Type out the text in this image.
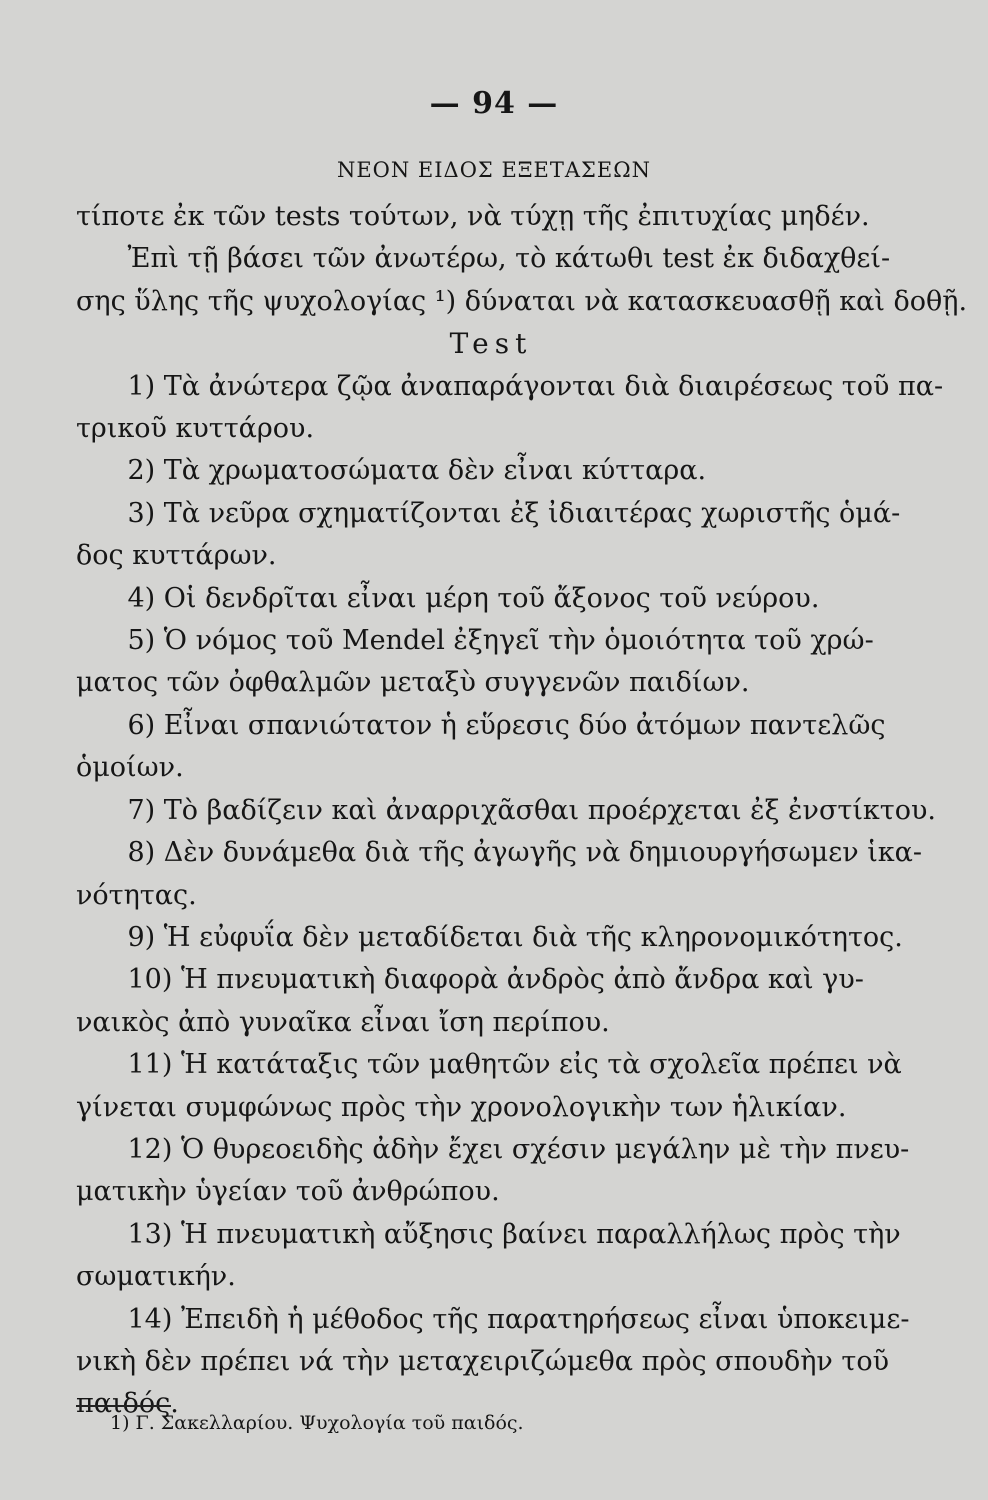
— 94 —
ΝΕΟΝ ΕΙΔΟΣ ΕΞΕΤΑΣΕΩΝ
τίποτε ἐκ τῶν tests τούτων, νὰ τύχῃ τῆς ἐπιτυχίας μηδέν.
Ἐπὶ τῇ βάσει τῶν ἀνωτέρω, τὸ κάτωθι test ἐκ διδαχθεί-
σης ὕλης τῆς ψυχολογίας ¹) δύναται νὰ κατασκευασθῇ καὶ δοθῇ.
Test
1) Τὰ ἀνώτερα ζῷα ἀναπαράγονται διὰ διαιρέσεως τοῦ πα-
τρικοῦ κυττάρου.
2) Τὰ χρωματοσώματα δὲν εἶναι κύτταρα.
3) Τὰ νεῦρα σχηματίζονται ἐξ ἰδιαιτέρας χωριστῆς ὁμά-
δος κυττάρων.
4) Οἱ δενδρῖται εἶναι μέρη τοῦ ἄξονος τοῦ νεύρου.
5) Ὁ νόμος τοῦ Mendel ἐξηγεῖ τὴν ὁμοιότητα τοῦ χρώ-
ματος τῶν ὀφθαλμῶν μεταξὺ συγγενῶν παιδίων.
6) Εἶναι σπανιώτατον ἡ εὕρεσις δύο ἀτόμων παντελῶς
ὁμοίων.
7) Τὸ βαδίζειν καὶ ἀναρριχᾶσθαι προέρχεται ἐξ ἐνστίκτου.
8) Δὲν δυνάμεθα διὰ τῆς ἀγωγῆς νὰ δημιουργήσωμεν ἱκα-
νότητας.
9) Ἡ εὐφυΐα δὲν μεταδίδεται διὰ τῆς κληρονομικότητος.
10) Ἡ πνευματικὴ διαφορὰ ἀνδρὸς ἀπὸ ἄνδρα καὶ γυ-
ναικὸς ἀπὸ γυναῖκα εἶναι ἴση περίπου.
11) Ἡ κατάταξις τῶν μαθητῶν εἰς τὰ σχολεῖα πρέπει νὰ
γίνεται συμφώνως πρὸς τὴν χρονολογικὴν των ἡλικίαν.
12) Ὁ θυρεοειδὴς ἀδὴν ἔχει σχέσιν μεγάλην μὲ τὴν πνευ-
ματικὴν ὑγείαν τοῦ ἀνθρώπου.
13) Ἡ πνευματικὴ αὔξησις βαίνει παραλλήλως πρὸς τὴν
σωματικήν.
14) Ἐπειδὴ ἡ μέθοδος τῆς παρατηρήσεως εἶναι ὑποκειμε-
νικὴ δὲν πρέπει νά τὴν μεταχειριζώμεθα πρὸς σπουδὴν τοῦ
παιδός.
1) Γ. Σακελλαρίου. Ψυχολογία τοῦ παιδός.
